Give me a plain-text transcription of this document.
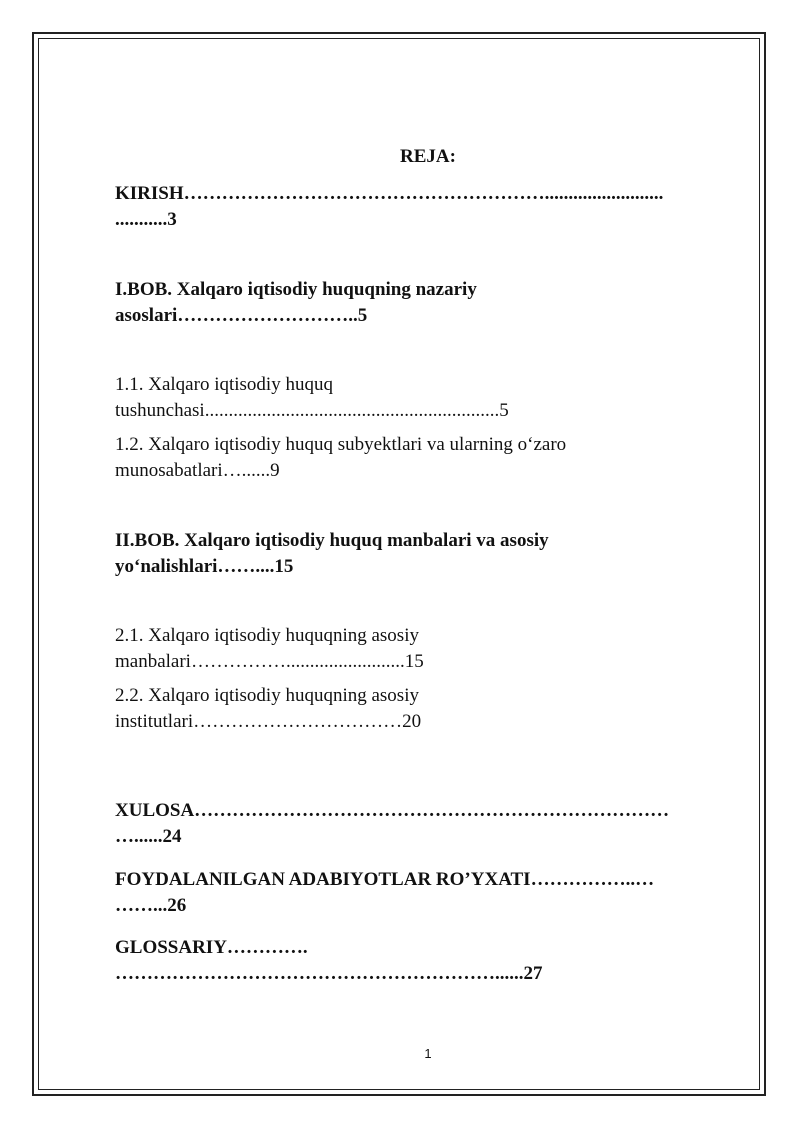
REJA:

KIRISH………………………………………………….........................
...........3

I.BOB. Xalqaro iqtisodiy huquqning nazariy
asoslari………………………..5

1.1. Xalqaro iqtisodiy huquq
tushunchasi..............................................................5

1.2. Xalqaro iqtisodiy huquq subyektlari va ularning o‘zaro
munosabatlari…......9

II.BOB. Xalqaro iqtisodiy huquq manbalari va asosiy
yo‘nalishlari……....15

2.1. Xalqaro iqtisodiy huquqning asosiy
manbalari…………….........................15

2.2. Xalqaro iqtisodiy huquqning asosiy
institutlari……………………………20

XULOSA…………………………………………………………………
…......24

FOYDALANILGAN ADABIYOTLAR RO’YXATI……………..…
……...26

GLOSSARIY………….
……………………………………………………......27

1
